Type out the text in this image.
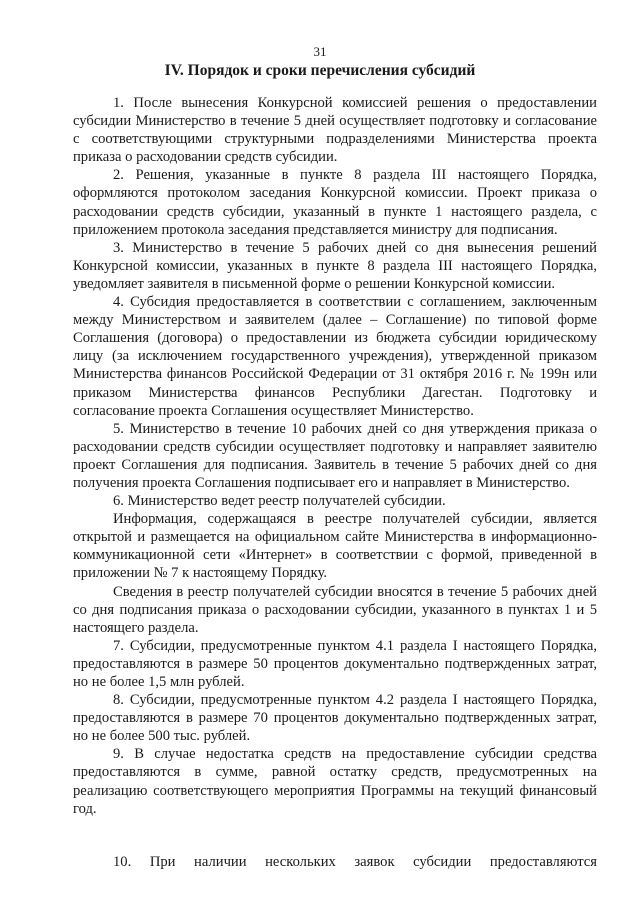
31
IV. Порядок и сроки перечисления субсидий

1. После вынесения Конкурсной комиссией решения о предоставлении субсидии Министерство в течение 5 дней осуществляет подготовку и согласование с соответствующими структурными подразделениями Министерства проекта приказа о расходовании средств субсидии.

2. Решения, указанные в пункте 8 раздела III настоящего Порядка, оформляются протоколом заседания Конкурсной комиссии. Проект приказа о расходовании средств субсидии, указанный в пункте 1 настоящего раздела, с приложением протокола заседания представляется министру для подписания.

3. Министерство в течение 5 рабочих дней со дня вынесения решений Конкурсной комиссии, указанных в пункте 8 раздела III настоящего Порядка, уведомляет заявителя в письменной форме о решении Конкурсной комиссии.

4. Субсидия предоставляется в соответствии с соглашением, заключенным между Министерством и заявителем (далее – Соглашение) по типовой форме Соглашения (договора) о предоставлении из бюджета субсидии юридическому лицу (за исключением государственного учреждения), утвержденной приказом Министерства финансов Российской Федерации от 31 октября 2016 г. № 199н или приказом Министерства финансов Республики Дагестан. Подготовку и согласование проекта Соглашения осуществляет Министерство.

5. Министерство в течение 10 рабочих дней со дня утверждения приказа о расходовании средств субсидии осуществляет подготовку и направляет заявителю проект Соглашения для подписания. Заявитель в течение 5 рабочих дней со дня получения проекта Соглашения подписывает его и направляет в Министерство.

6. Министерство ведет реестр получателей субсидии.

Информация, содержащаяся в реестре получателей субсидии, является открытой и размещается на официальном сайте Министерства в информационно-коммуникационной сети «Интернет» в соответствии с формой, приведенной в приложении № 7 к настоящему Порядку.

Сведения в реестр получателей субсидии вносятся в течение 5 рабочих дней со дня подписания приказа о расходовании субсидии, указанного в пунктах 1 и 5 настоящего раздела.

7. Субсидии, предусмотренные пунктом 4.1 раздела I настоящего Порядка, предоставляются в размере 50 процентов документально подтвержденных затрат, но не более 1,5 млн рублей.

8. Субсидии, предусмотренные пунктом 4.2 раздела I настоящего Порядка, предоставляются в размере 70 процентов документально подтвержденных затрат, но не более 500 тыс. рублей.

9. В случае недостатка средств на предоставление субсидии средства предоставляются в сумме, равной остатку средств, предусмотренных на реализацию соответствующего мероприятия Программы на текущий финансовый год.

10. При наличии нескольких заявок субсидии предоставляются
